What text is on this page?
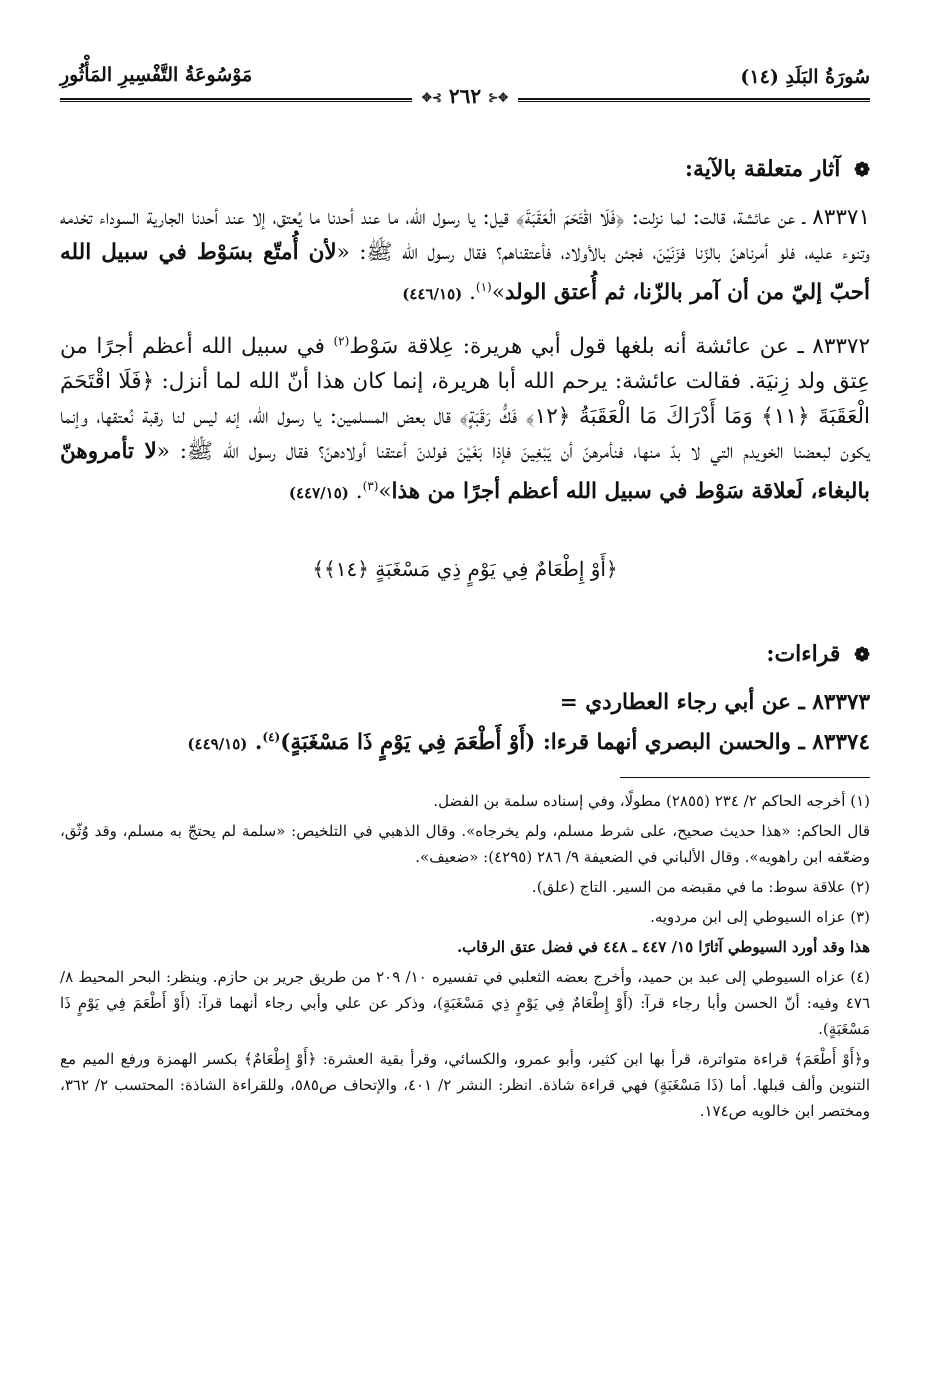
سُورَةُ البَلَدِ (١٤)
✥⊰ ٢٦٢ ⊱✥
مَوْسُوعَةُ التَّفْسِيرِ المَأْثُورِ
❁ آثار متعلقة بالآية:

٨٣٣٧١ ـ عن عائشة، قالت: لما نزلت: ﴿فَلَا اقْتَحَمَ الْعَقَبَةَ﴾ قيل: يا رسول الله، ما عند أحدنا ما يُعتق، إلا عند أحدنا الجارية السوداء تخدمه وتنوء عليه، فلو أمرناهنّ بالزّنا فزَنَيْنَ، فجئن بالأولاد، فأعتقناهم؟ فقال رسول الله ﷺ: «لأن أُمتّع بسَوْط في سبيل الله أحبّ إليّ من أن آمر بالزّنا، ثم أُعتق الولد»$^{(١)}$. (٤٤٦/١٥)

٨٣٣٧٢ ـ عن عائشة أنه بلغها قول أبي هريرة: عِلاقة سَوْط$^{(٢)}$ في سبيل الله أعظم أجرًا من عِتق ولد زِنيَة. فقالت عائشة: يرحم الله أبا هريرة، إنما كان هذا أنّ الله لما أنزل: ﴿فَلَا اقْتَحَمَ الْعَقَبَةَ ﴿١١﴾ وَمَا أَدْرَاكَ مَا الْعَقَبَةُ ﴿١٢﴾ فَكُّ رَقَبَةٍ﴾ قال بعض المسلمين: يا رسول الله، إنه ليس لنا رقبة نُعتقها، وإنما يكون لبعضنا الخويدم التي لا بدّ منها، فنأمرهنّ أن يَبْغِينَ فإذا بَغَيْنَ فولدنَ أعتقنا أولادهنّ؟ فقال رسول الله ﷺ: «لا تأمروهنّ بالبغاء، لَعلاقة سَوْط في سبيل الله أعظم أجرًا من هذا»$^{(٣)}$. (٤٤٧/١٥)

﴿أَوْ إِطْعَامٌ فِي يَوْمٍ ذِي مَسْغَبَةٍ ﴿١٤﴾﴾
❁ قراءات:
٨٣٣٧٣ ـ عن أبي رجاء العطاردي =
٨٣٣٧٤ ـ والحسن البصري أنهما قرءا: (أَوْ أَطْعَمَ فِي يَوْمٍ ذَا مَسْغَبَةٍ)$^{(٤)}$. (٤٤٩/١٥)

(١) أخرجه الحاكم ٢/ ٢٣٤ (٢٨٥٥) مطولًا، وفي إسناده سلمة بن الفضل.

قال الحاكم: «هذا حديث صحيح، على شرط مسلم، ولم يخرجاه». وقال الذهبي في التلخيص: «سلمة لم يحتجّ به مسلم، وقد وُثّق، وضعّفه ابن راهويه». وقال الألباني في الضعيفة ٩/ ٢٨٦ (٤٢٩٥): «ضعيف».

(٢) علاقة سوط: ما في مقبضه من السير. التاج (علق).

(٣) عزاه السيوطي إلى ابن مردويه.

هذا وقد أورد السيوطي آثارًا ١٥/ ٤٤٧ ـ ٤٤٨ في فضل عتق الرقاب.

(٤) عزاه السيوطي إلى عبد بن حميد، وأخرج بعضه الثعلبي في تفسيره ١٠/ ٢٠٩ من طريق جرير بن حازم. وينظر: البحر المحيط ٨/ ٤٧٦ وفيه: أنّ الحسن وأبا رجاء قرآ: (أَوْ إِطْعَامٌ فِي يَوْمٍ ذِي مَسْغَبَةٍ)، وذكر عن علي وأبي رجاء أنهما قرآ: (أَوْ أَطْعَمَ فِي يَوْمٍ ذَا مَسْغَبَةٍ).

و﴿أَوْ أَطْعَمَ﴾ قراءة متواترة، قرأ بها ابن كثير، وأبو عمرو، والكسائي، وقرأ بقية العشرة: ﴿أَوْ إِطْعَامٌ﴾ بكسر الهمزة ورفع الميم مع التنوين وألف قبلها. أما (ذَا مَسْغَبَةٍ) فهي قراءة شاذة. انظر: النشر ٢/ ٤٠١، والإتحاف ص٥٨٥، وللقراءة الشاذة: المحتسب ٢/ ٣٦٢، ومختصر ابن خالويه ص١٧٤.
